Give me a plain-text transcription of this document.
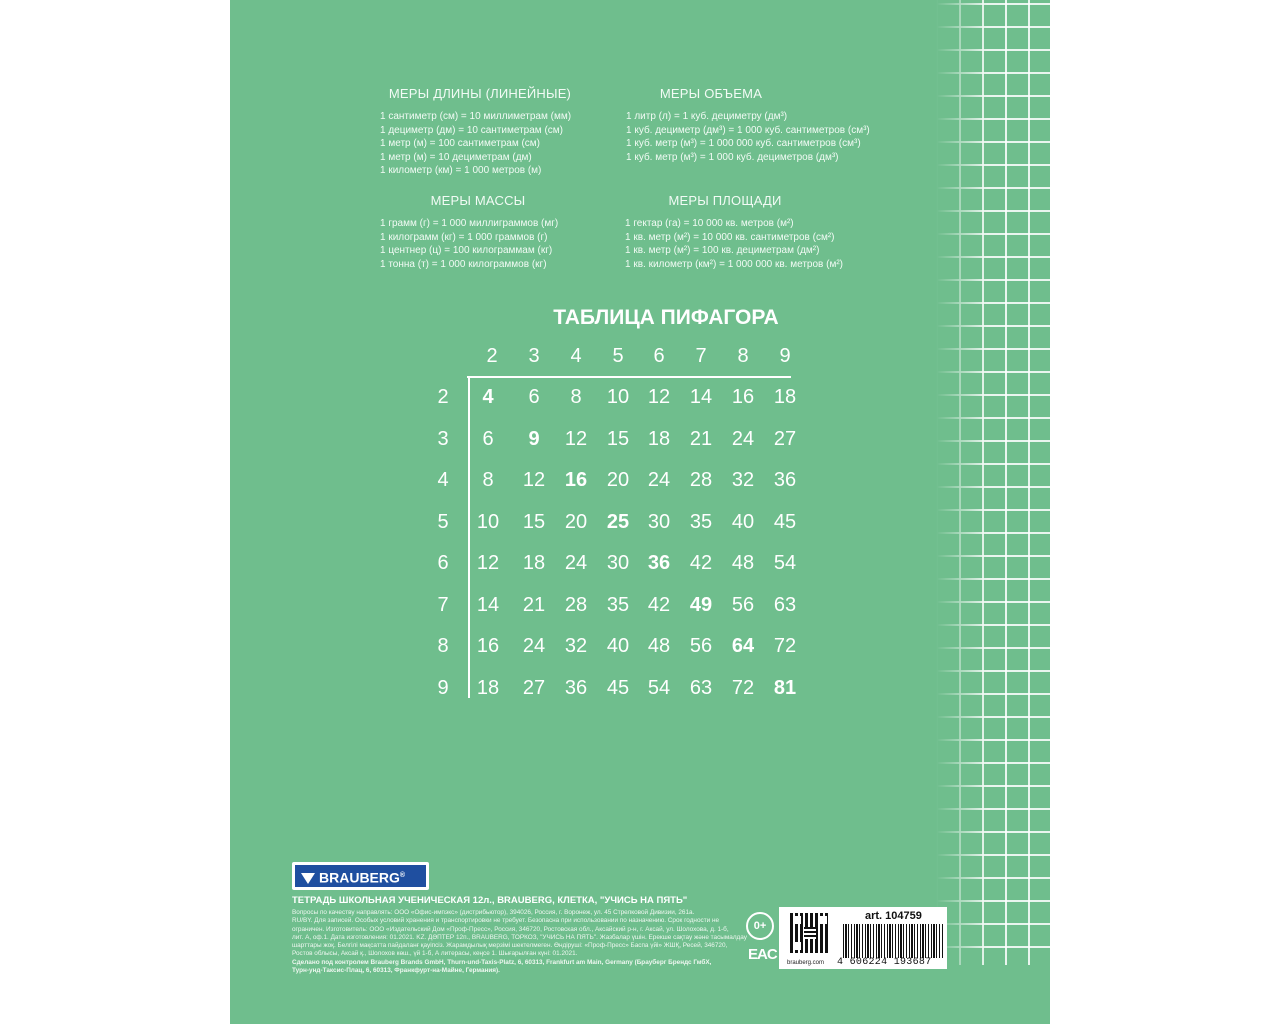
МЕРЫ ДЛИНЫ (ЛИНЕЙНЫЕ)
1 сантиметр (см) = 10 миллиметрам (мм)
1 дециметр (дм) = 10 сантиметрам (см)
1 метр (м) = 100 сантиметрам (см)
1 метр (м) = 10 дециметрам (дм)
1 километр (км) = 1 000 метров (м)
МЕРЫ ОБЪЕМА
1 литр (л) = 1 куб. дециметру (дм³)
1 куб. дециметр (дм³) = 1 000 куб. сантиметров (см³)
1 куб. метр (м³) = 1 000 000 куб. сантиметров (см³)
1 куб. метр (м³) = 1 000 куб. дециметров (дм³)
МЕРЫ МАССЫ
1 грамм (г) = 1 000 миллиграммов (мг)
1 килограмм (кг) = 1 000 граммов (г)
1 центнер (ц) = 100 килограммам (кг)
1 тонна (т) = 1 000 килограммов (кг)
МЕРЫ ПЛОЩАДИ
1 гектар (га) = 10 000 кв. метров (м²)
1 кв. метр (м²) = 10 000 кв. сантиметров (см²)
1 кв. метр (м²) = 100 кв. дециметрам (дм²)
1 кв. километр (км²) = 1 000 000 кв. метров (м²)
ТАБЛИЦА ПИФАГОРА
2	3	4	5	6	7	8	9
2	4	6	8	10 12 14 16 18
3	6	9	12 15 18 21 24 27
4	8	12 16 20 24 28 32 36
5	10 15 20 25 30 35 40 45
6	12 18 24 30 36 42 48 54
7	14 21 28 35 42 49 56 63
8	16 24 32 40 48 56 64 72
9	18 27 36 45 54 63 72 81
BRAUBERG®
ТЕТРАДЬ ШКОЛЬНАЯ УЧЕНИЧЕСКАЯ 12л., BRAUBERG, КЛЕТКА, "УЧИСЬ НА ПЯТЬ"
Вопросы по качеству направлять: ООО «Офис-импэкс» (дистрибьютор), 394026, Россия, г. Воронеж, ул. 45 Стрелковой Дивизии, 261а.
RU/BY. Для записей. Особых условий хранения и транспортировки не требует. Безопасна при использовании по назначению. Срок годности не
ограничен. Изготовитель: ООО «Издательский Дом «Проф-Пресс», Россия, 346720, Ростовская обл., Аксайский р-н, г. Аксай, ул. Шолохова, д. 1-б,
лит. А, оф.1. Дата изготовления: 01.2021. KZ. ДӘПТЕР 12п., BRAUBERG, ТОРКОЗ, "УЧИСЬ НА ПЯТЬ". Жазбалар үшін. Ерекше сақтау және тасымалдау
шарттары жоқ. Белгілі мақсатта пайдаланғ қауіпсіз. Жарамдылық мерзімі шектелмеген. Өндіруші: «Проф-Пресс» Баспа үйі» ЖШҚ, Ресей, 346720,
Ростов облысы, Аксай қ., Шолохов көш., үй 1-б, А литерасы, кеңсе 1. Шығарылған күні: 01.2021.
Сделано под контролем Brauberg Brands GmbH, Thurn-und-Taxis-Platz, 6, 60313, Frankfurt am Main, Germany (Брауберг Брендс ГмбХ,
Турн-унд-Таксис-Плац, 6, 60313, Франкфурт-на-Майне, Германия).
0+
EAC brauberg.com
art. 104759
4 606224 193687
